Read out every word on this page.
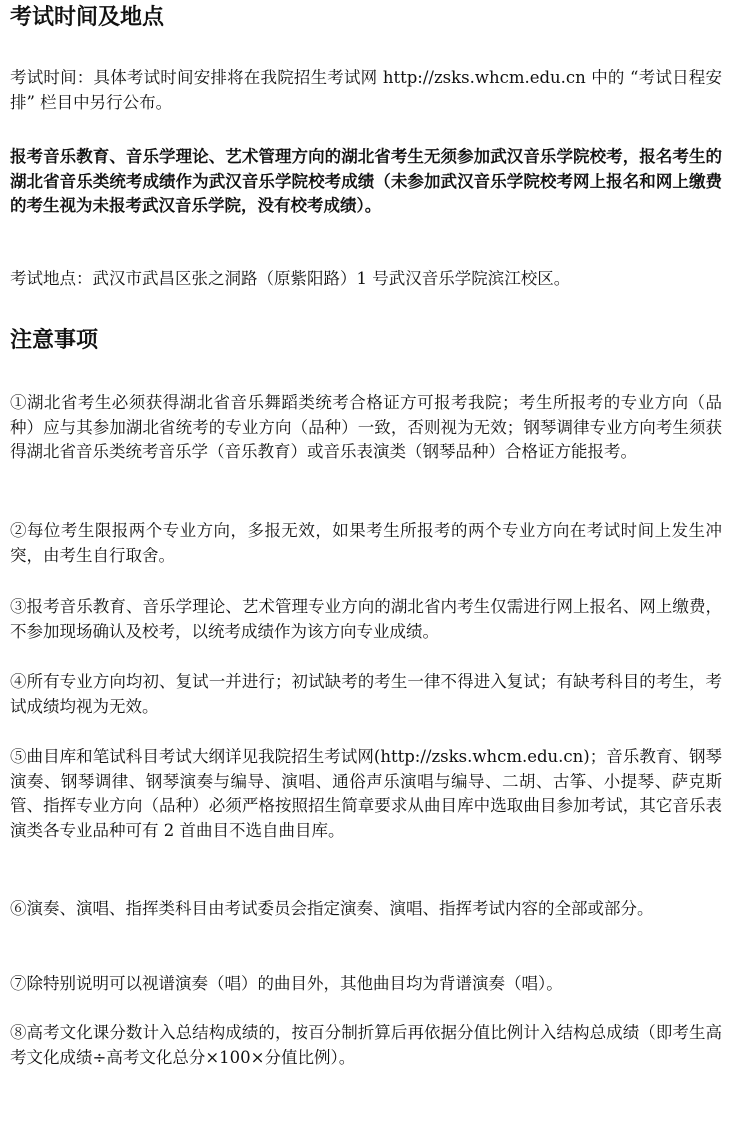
考试时间及地点

考试时间：具体考试时间安排将在我院招生考试网 http://zsks.whcm.edu.cn 中的 “考试日程安排” 栏目中另行公布。

报考音乐教育、音乐学理论、艺术管理方向的湖北省考生无须参加武汉音乐学院校考，报名考生的湖北省音乐类统考成绩作为武汉音乐学院校考成绩（未参加武汉音乐学院校考网上报名和网上缴费的考生视为未报考武汉音乐学院，没有校考成绩）。

考试地点：武汉市武昌区张之洞路（原紫阳路）1 号武汉音乐学院滨江校区。

注意事项

①湖北省考生必须获得湖北省音乐舞蹈类统考合格证方可报考我院；考生所报考的专业方向（品种）应与其参加湖北省统考的专业方向（品种）一致，否则视为无效；钢琴调律专业方向考生须获得湖北省音乐类统考音乐学（音乐教育）或音乐表演类（钢琴品种）合格证方能报考。

②每位考生限报两个专业方向，多报无效，如果考生所报考的两个专业方向在考试时间上发生冲突，由考生自行取舍。

③报考音乐教育、音乐学理论、艺术管理专业方向的湖北省内考生仅需进行网上报名、网上缴费，不参加现场确认及校考，以统考成绩作为该方向专业成绩。

④所有专业方向均初、复试一并进行；初试缺考的考生一律不得进入复试；有缺考科目的考生，考试成绩均视为无效。

⑤曲目库和笔试科目考试大纲详见我院招生考试网(http://zsks.whcm.edu.cn)；音乐教育、钢琴演奏、钢琴调律、钢琴演奏与编导、演唱、通俗声乐演唱与编导、二胡、古筝、小提琴、萨克斯管、指挥专业方向（品种）必须严格按照招生简章要求从曲目库中选取曲目参加考试，其它音乐表演类各专业品种可有 2 首曲目不选自曲目库。

⑥演奏、演唱、指挥类科目由考试委员会指定演奏、演唱、指挥考试内容的全部或部分。

⑦除特别说明可以视谱演奏（唱）的曲目外，其他曲目均为背谱演奏（唱）。

⑧高考文化课分数计入总结构成绩的，按百分制折算后再依据分值比例计入结构总成绩（即考生高考文化成绩÷高考文化总分×100×分值比例）。
